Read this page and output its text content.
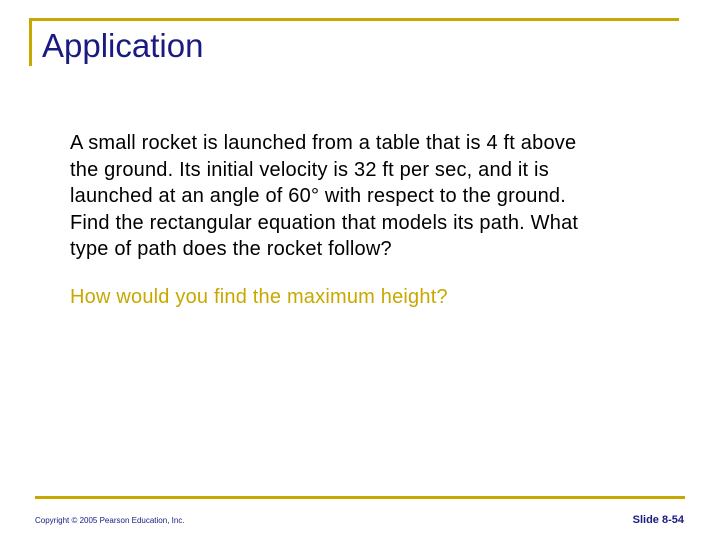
Application
A small rocket is launched from a table that is 4 ft above
the ground. Its initial velocity is 32 ft per sec, and it is
launched at an angle of 60° with respect to the ground.
Find the rectangular equation that models its path. What
type of path does the rocket follow?
How would you find the maximum height?
Copyright © 2005 Pearson Education, Inc.	Slide 8-54
